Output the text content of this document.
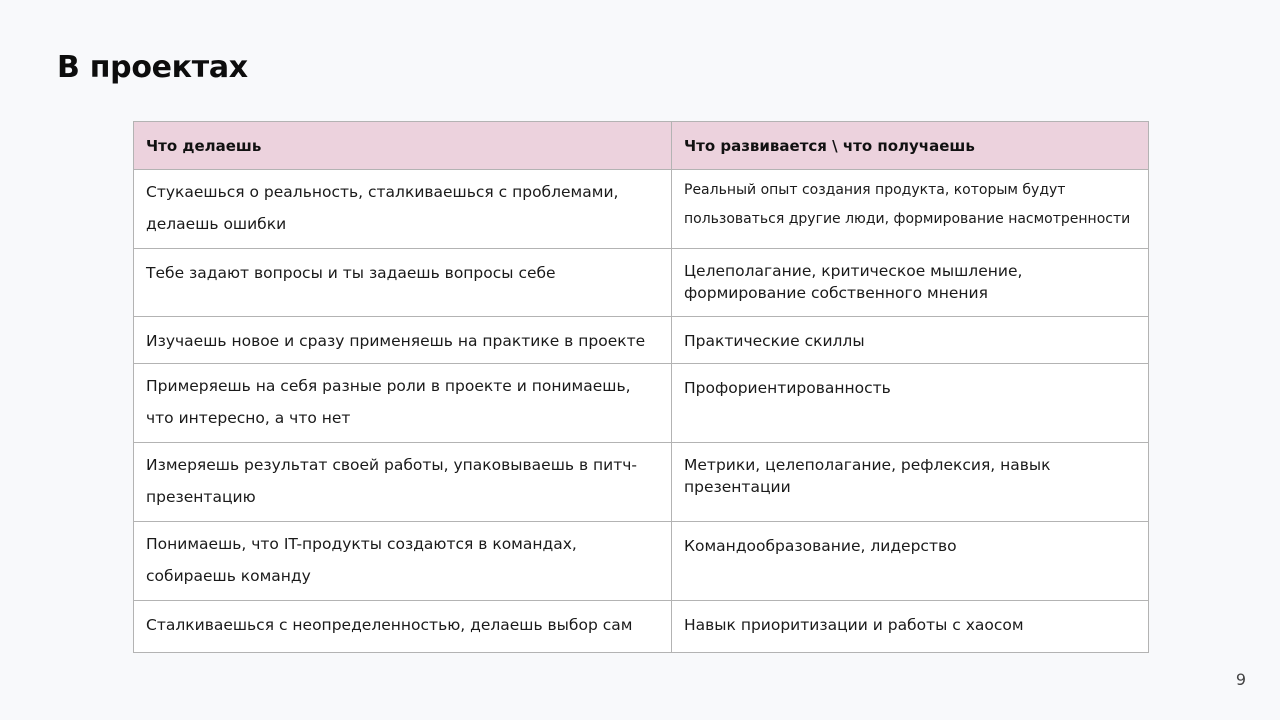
В проектах
Что делаешь	Что развивается \ что получаешь

Стукаешься о реальность, сталкиваешься с проблемами, делаешь ошибки	Реальный опыт создания продукта, которым будут пользоваться другие люди, формирование насмотренности

Тебе задают вопросы и ты задаешь вопросы себе	Целеполагание, критическое мышление, формирование собственного мнения

Изучаешь новое и сразу применяешь на практике в проекте	Практические скиллы

Примеряешь на себя разные роли в проекте и понимаешь, что интересно, а что нет	Профориентированность

Измеряешь результат своей работы, упаковываешь в питч-презентацию	Метрики, целеполагание, рефлексия, навык презентации

Понимаешь, что IT-продукты создаются в командах, собираешь команду	Командообразование, лидерство

Сталкиваешься с неопределенностью, делаешь выбор сам	Навык приоритизации и работы с хаосом
9
